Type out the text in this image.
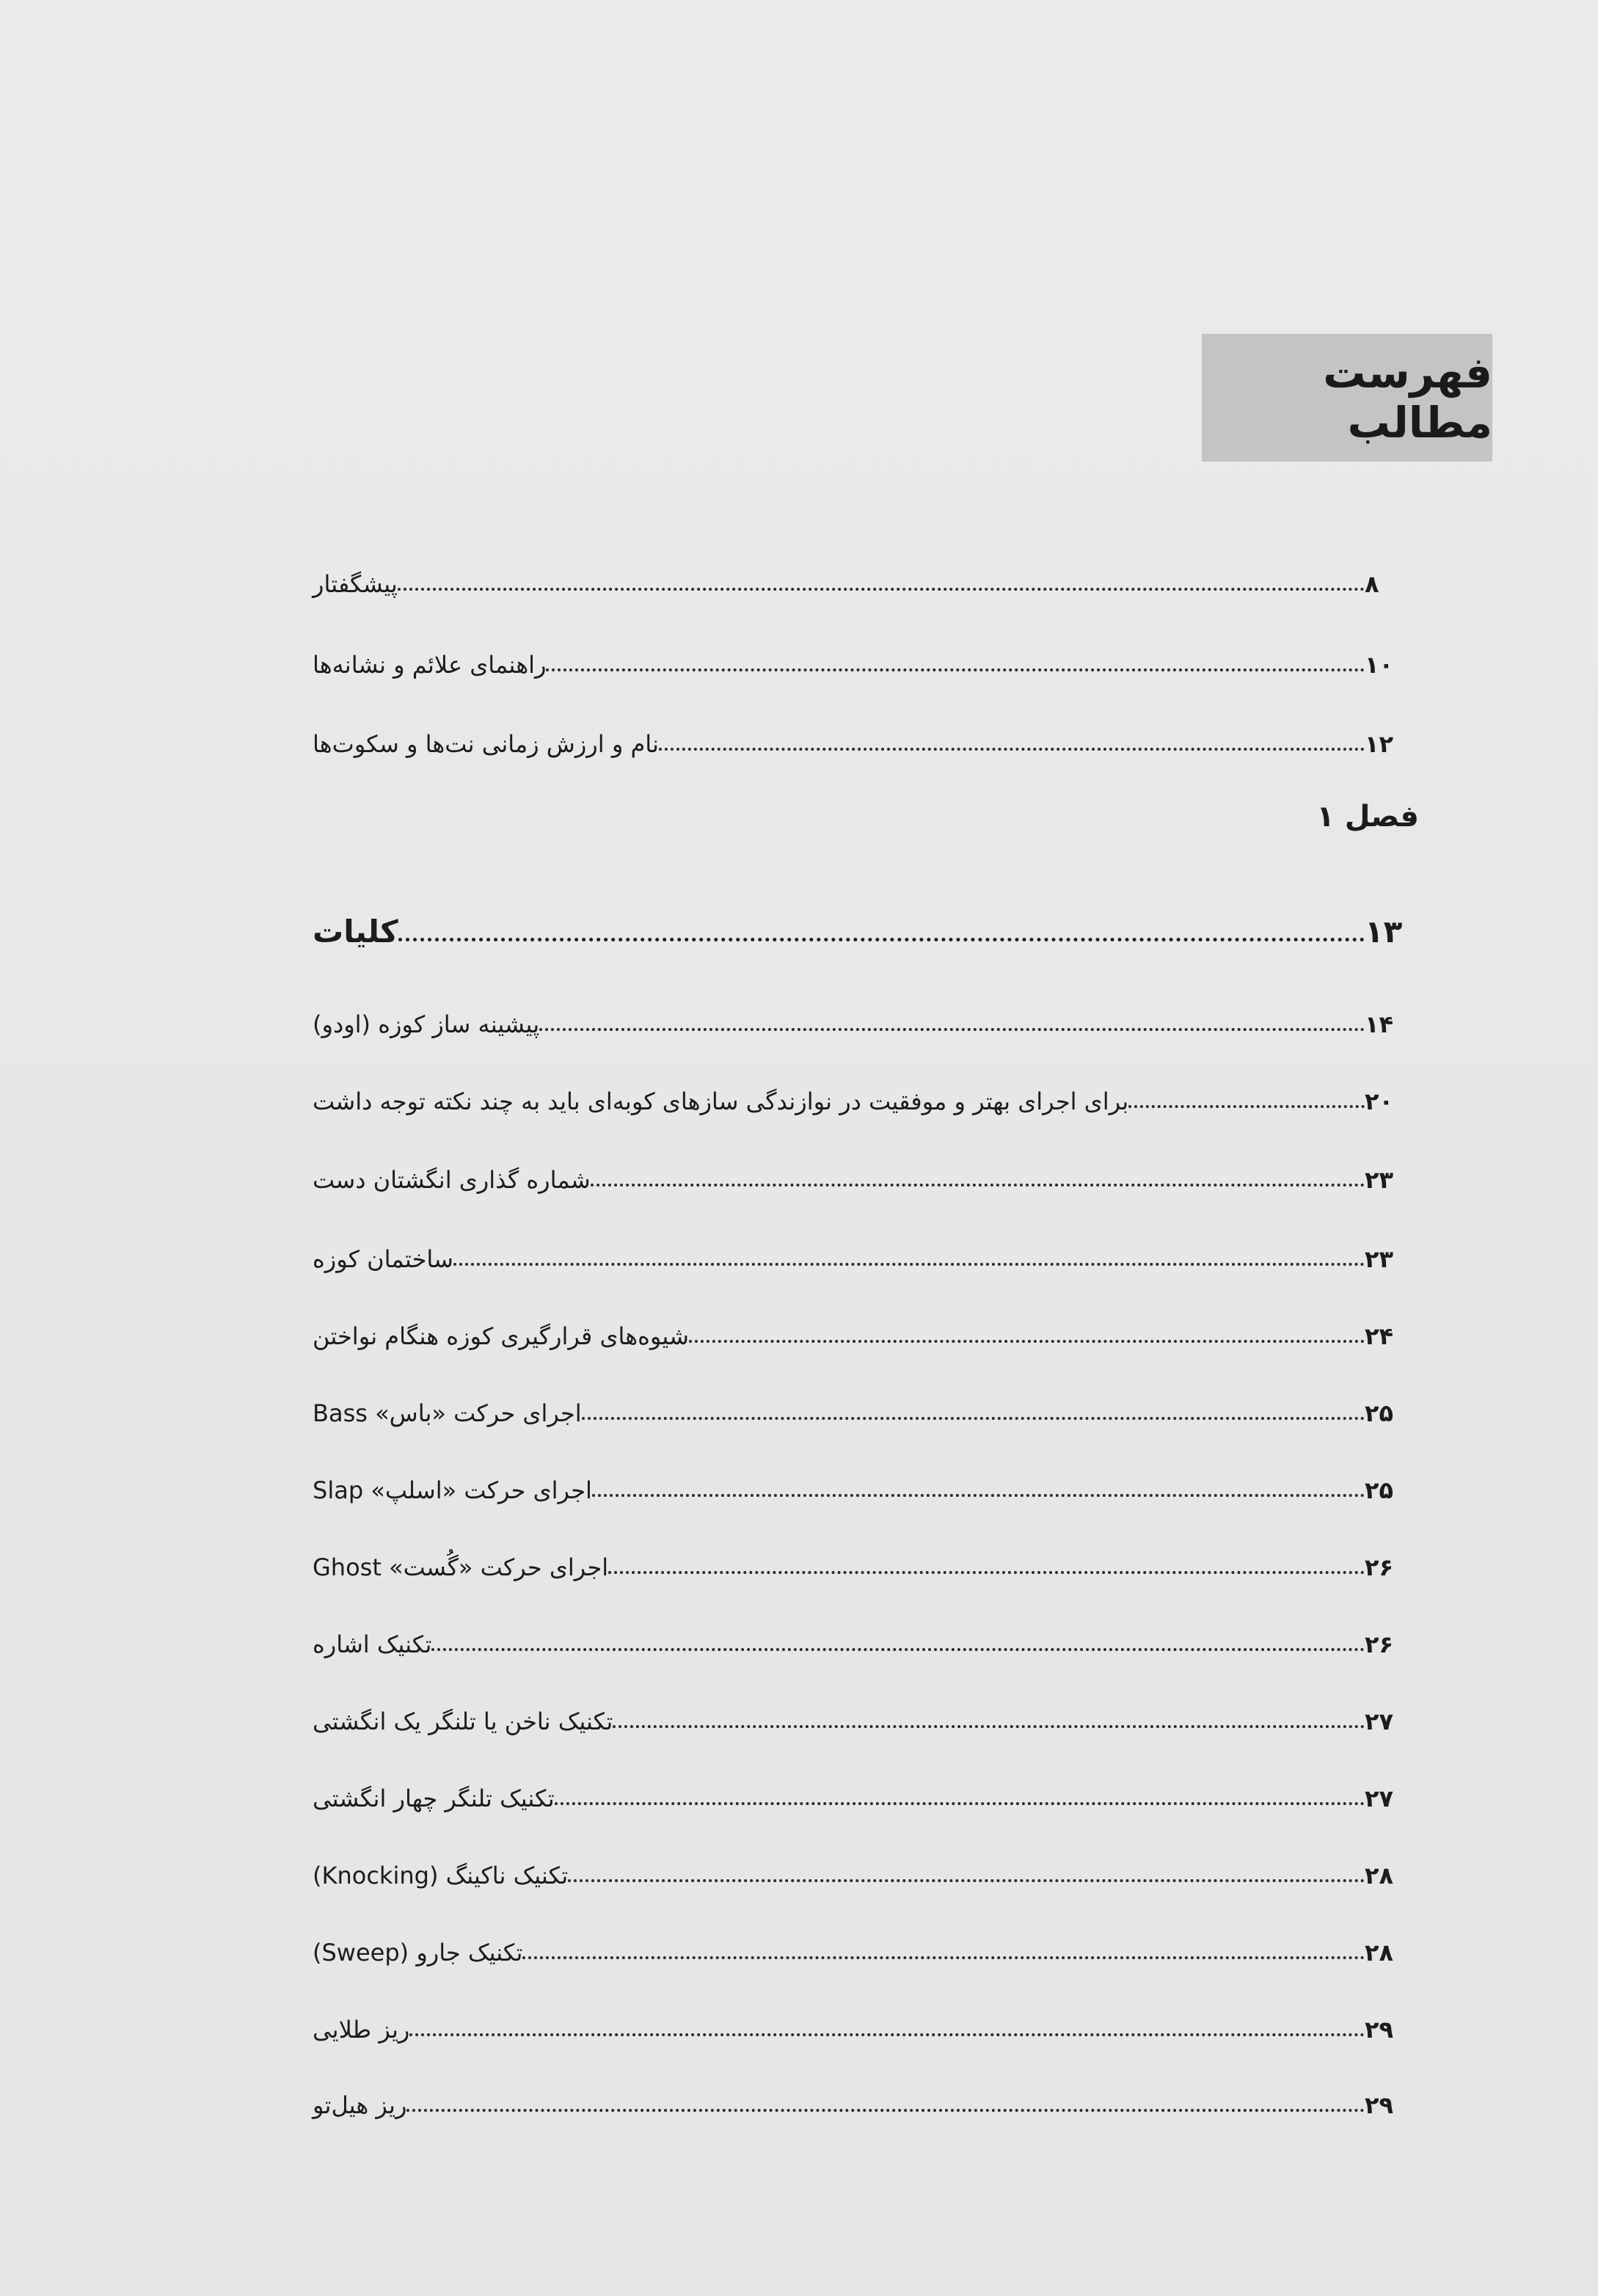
فهرست مطالب
پیشگفتار	۸
راهنمای علائم و نشانه‌ها	۱۰
نام و ارزش زمانی نت‌ها و سکوت‌ها	۱۲
فصل ۱
کلیات	۱۳
پیشینه ساز کوزه (اودو)	۱۴
برای اجرای بهتر و موفقیت در نوازندگی سازهای کوبه‌ای باید به چند نکته توجه داشت	۲۰
شماره گذاری انگشتان دست	۲۳
ساختمان کوزه	۲۳
شیوه‌های قرارگیری کوزه هنگام نواختن	۲۴
اجرای حرکت «باس» Bass	۲۵
اجرای حرکت «اسلپ» Slap	۲۵
اجرای حرکت «گُست» Ghost	۲۶
تکنیک اشاره	۲۶
تکنیک ناخن یا تلنگر یک انگشتی	۲۷
تکنیک تلنگر چهار انگشتی	۲۷
تکنیک ناکینگ (Knocking)	۲۸
تکنیک جارو (Sweep)	۲۸
ریز طلایی	۲۹
ریز هیل‌تو	۲۹
